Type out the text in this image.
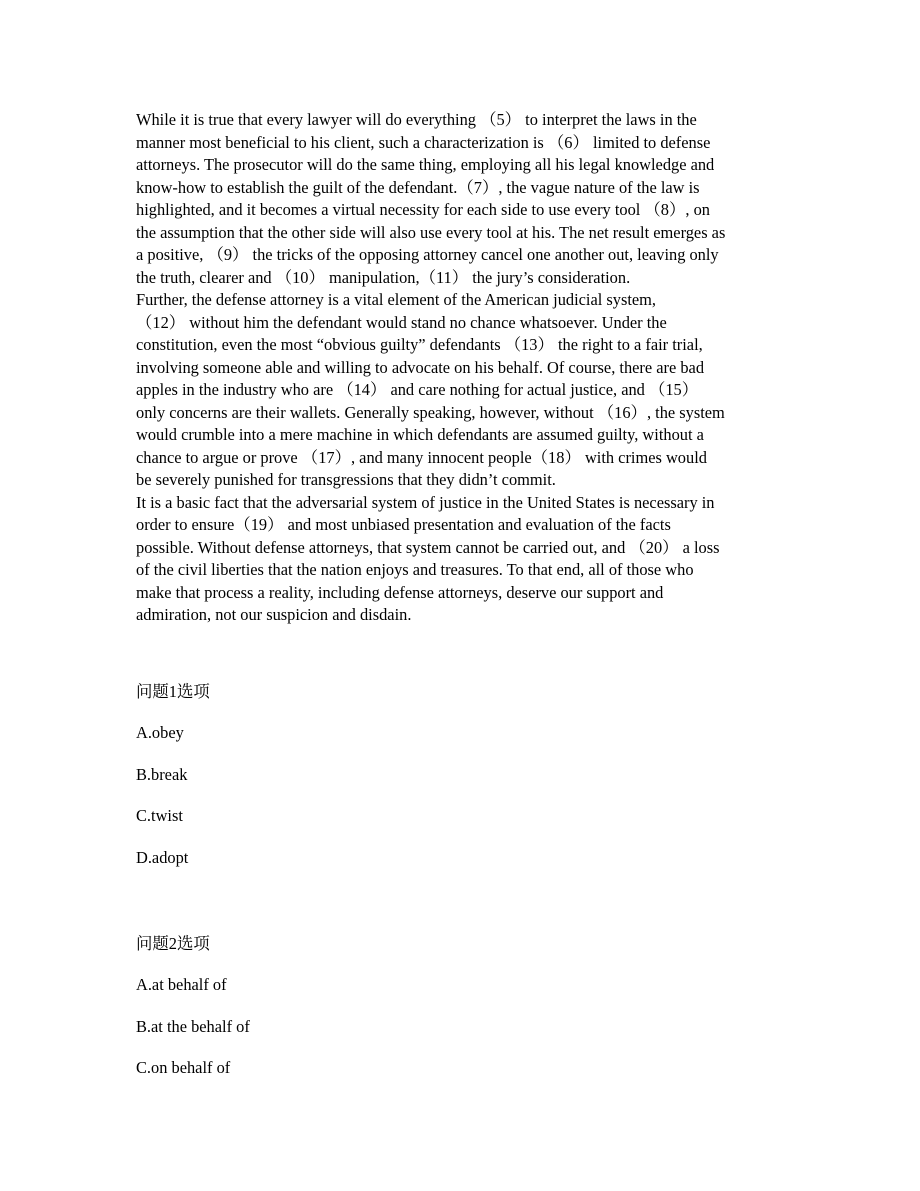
While it is true that every lawyer will do everything （5） to interpret the laws in the
manner most beneficial to his client, such a characterization is （6） limited to defense
attorneys. The prosecutor will do the same thing, employing all his legal knowledge and
know-how to establish the guilt of the defendant.（7）, the vague nature of the law is
highlighted, and it becomes a virtual necessity for each side to use every tool （8）, on
the assumption that the other side will also use every tool at his. The net result emerges as
a positive, （9） the tricks of the opposing attorney cancel one another out, leaving only
the truth, clearer and （10） manipulation,（11） the jury’s consideration.

Further, the defense attorney is a vital element of the American judicial system,
（12） without him the defendant would stand no chance whatsoever. Under the
constitution, even the most “obvious guilty” defendants （13） the right to a fair trial,
involving someone able and willing to advocate on his behalf. Of course, there are bad
apples in the industry who are （14） and care nothing for actual justice, and （15）
only concerns are their wallets. Generally speaking, however, without （16）, the system
would crumble into a mere machine in which defendants are assumed guilty, without a
chance to argue or prove （17）, and many innocent people（18） with crimes would
be severely punished for transgressions that they didn’t commit.

It is a basic fact that the adversarial system of justice in the United States is necessary in
order to ensure（19） and most unbiased presentation and evaluation of the facts
possible. Without defense attorneys, that system cannot be carried out, and （20） a loss
of the civil liberties that the nation enjoys and treasures. To that end, all of those who
make that process a reality, including defense attorneys, deserve our support and
admiration, not our suspicion and disdain.

问题1选项
A.obey
B.break
C.twist
D.adopt
问题2选项
A.at behalf of
B.at the behalf of
C.on behalf of
